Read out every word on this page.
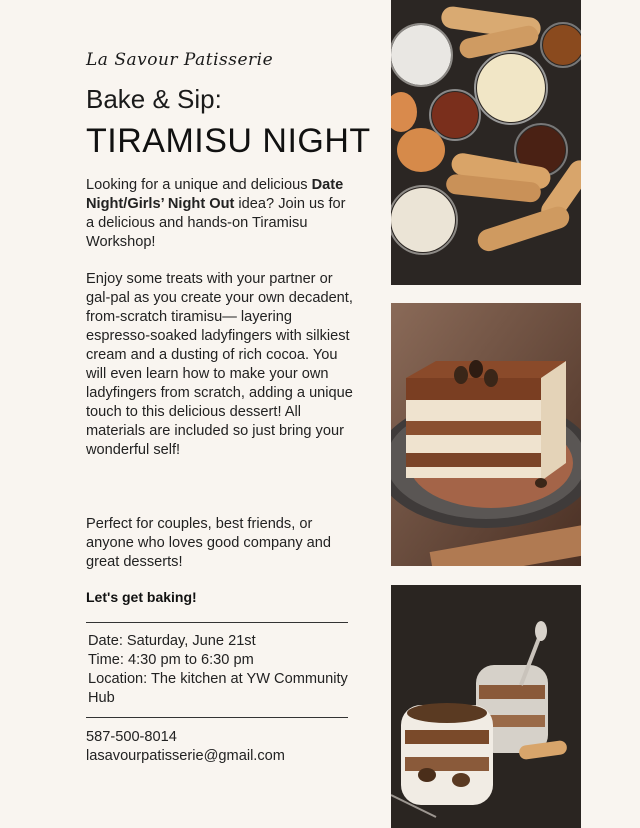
La Savour Patisserie
Bake & Sip:
TIRAMISU NIGHT
Looking for a unique and delicious Date Night/Girls’ Night Out idea? Join us for a delicious and hands-on Tiramisu Workshop!
Enjoy some treats with your partner or gal-pal as you create your own decadent, from-scratch tiramisu— layering espresso-soaked ladyfingers with silkiest cream and a dusting of rich cocoa. You will even learn how to make your own ladyfingers from scratch, adding a unique touch to this delicious dessert! All materials are included so just bring your wonderful self!
Perfect for couples, best friends, or anyone who loves good company and great desserts!
Let's get baking!
Date: Saturday, June 21st
Time: 4:30 pm to 6:30 pm
Location: The kitchen at YW Community Hub
587-500-8014
lasavourpatisserie@gmail.com
